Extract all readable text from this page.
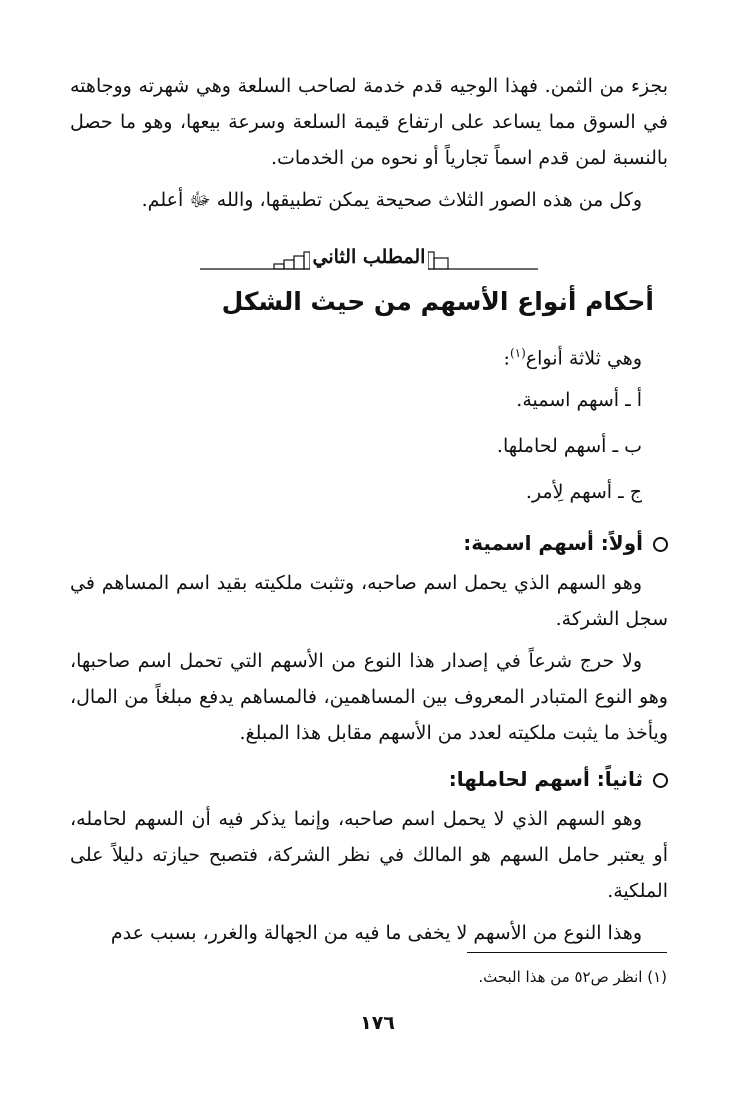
بجزء من الثمن. فهذا الوجيه قدم خدمة لصاحب السلعة وهي شهرته ووجاهته في السوق مما يساعد على ارتفاع قيمة السلعة وسرعة بيعها، وهو ما حصل بالنسبة لمن قدم اسماً تجارياً أو نحوه من الخدمات.

وكل من هذه الصور الثلاث صحيحة يمكن تطبيقها، والله ﷻ أعلم.

المطلب الثاني
أحكام أنواع الأسهم من حيث الشكل

وهي ثلاثة أنواع$^{(١)}$:

أ ـ أسهم اسمية.

ب ـ أسهم لحاملها.

ج ـ أسهم لِأمر.

أولاً: أسهم اسمية:

وهو السهم الذي يحمل اسم صاحبه، وتثبت ملكيته بقيد اسم المساهم في سجل الشركة.

ولا حرج شرعاً في إصدار هذا النوع من الأسهم التي تحمل اسم صاحبها، وهو النوع المتبادر المعروف بين المساهمين، فالمساهم يدفع مبلغاً من المال، ويأخذ ما يثبت ملكيته لعدد من الأسهم مقابل هذا المبلغ.

ثانياً: أسهم لحاملها:

وهو السهم الذي لا يحمل اسم صاحبه، وإنما يذكر فيه أن السهم لحامله، أو يعتبر حامل السهم هو المالك في نظر الشركة، فتصبح حيازته دليلاً على الملكية.

وهذا النوع من الأسهم لا يخفى ما فيه من الجهالة والغرر، بسبب عدم

(١) انظر ص٥٢ من هذا البحث.
١٧٦
